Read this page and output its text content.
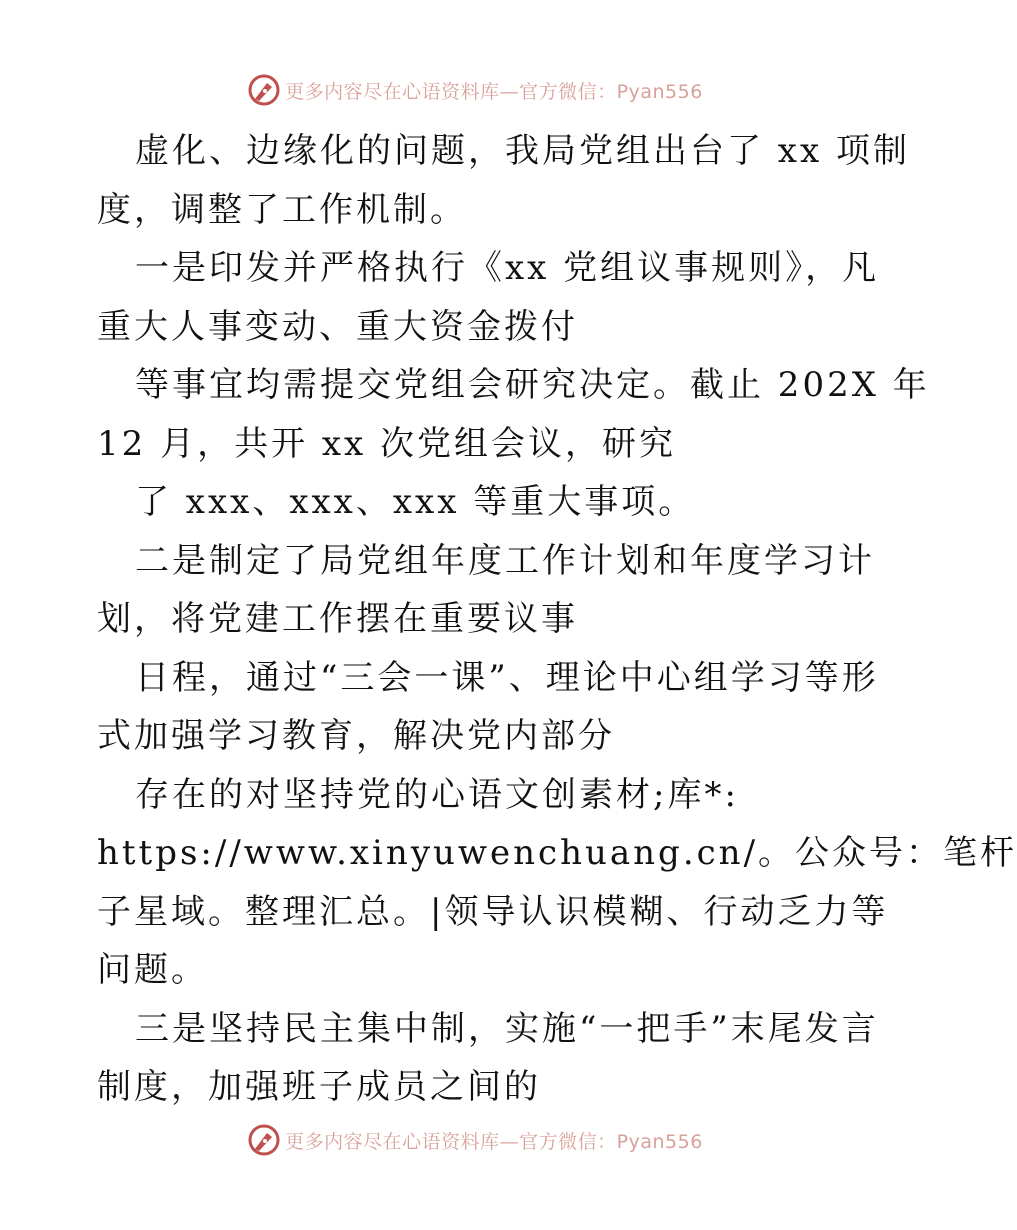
更多内容尽在心语资料库—官方微信：Pyan556
虚化、边缘化的问题，我局党组出台了 xx 项制
度，调整了工作机制。
一是印发并严格执行《xx 党组议事规则》，凡
重大人事变动、重大资金拨付
等事宜均需提交党组会研究决定。截止 202X 年
12 月，共开 xx 次党组会议，研究
了 xxx、xxx、xxx 等重大事项。
二是制定了局党组年度工作计划和年度学习计
划，将党建工作摆在重要议事
日程，通过“三会一课”、理论中心组学习等形
式加强学习教育，解决党内部分
存在的对坚持党的心语文创素材;库*:
https://www.xinyuwenchuang.cn/。公众号：笔杆
子星域。整理汇总。|领导认识模糊、行动乏力等
问题。
三是坚持民主集中制，实施“一把手”末尾发言
制度，加强班子成员之间的
更多内容尽在心语资料库—官方微信：Pyan556
